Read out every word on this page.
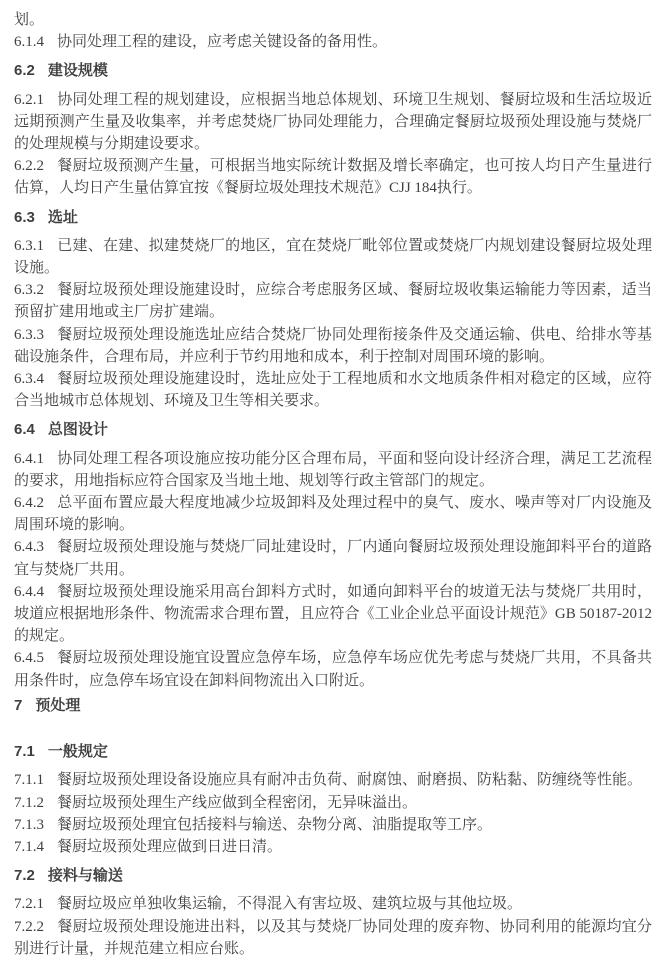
划。

6.1.4 协同处理工程的建设，应考虑关键设备的备用性。

6.2 建设规模

6.2.1 协同处理工程的规划建设，应根据当地总体规划、环境卫生规划、餐厨垃圾和生活垃圾近远期预测产生量及收集率，并考虑焚烧厂协同处理能力，合理确定餐厨垃圾预处理设施与焚烧厂的处理规模与分期建设要求。

6.2.2 餐厨垃圾预测产生量，可根据当地实际统计数据及增长率确定，也可按人均日产生量进行估算，人均日产生量估算宜按《餐厨垃圾处理技术规范》CJJ 184执行。

6.3 选址

6.3.1 已建、在建、拟建焚烧厂的地区，宜在焚烧厂毗邻位置或焚烧厂内规划建设餐厨垃圾处理设施。

6.3.2 餐厨垃圾预处理设施建设时，应综合考虑服务区域、餐厨垃圾收集运输能力等因素，适当预留扩建用地或主厂房扩建端。

6.3.3 餐厨垃圾预处理设施选址应结合焚烧厂协同处理衔接条件及交通运输、供电、给排水等基础设施条件，合理布局，并应利于节约用地和成本，利于控制对周围环境的影响。

6.3.4 餐厨垃圾预处理设施建设时，选址应处于工程地质和水文地质条件相对稳定的区域，应符合当地城市总体规划、环境及卫生等相关要求。

6.4 总图设计

6.4.1 协同处理工程各项设施应按功能分区合理布局，平面和竖向设计经济合理，满足工艺流程的要求，用地指标应符合国家及当地土地、规划等行政主管部门的规定。

6.4.2 总平面布置应最大程度地减少垃圾卸料及处理过程中的臭气、废水、噪声等对厂内设施及周围环境的影响。

6.4.3 餐厨垃圾预处理设施与焚烧厂同址建设时，厂内通向餐厨垃圾预处理设施卸料平台的道路宜与焚烧厂共用。

6.4.4 餐厨垃圾预处理设施采用高台卸料方式时，如通向卸料平台的坡道无法与焚烧厂共用时，坡道应根据地形条件、物流需求合理布置，且应符合《工业企业总平面设计规范》GB 50187-2012 的规定。

6.4.5 餐厨垃圾预处理设施宜设置应急停车场，应急停车场应优先考虑与焚烧厂共用，不具备共用条件时，应急停车场宜设在卸料间物流出入口附近。

7 预处理

7.1 一般规定

7.1.1 餐厨垃圾预处理设备设施应具有耐冲击负荷、耐腐蚀、耐磨损、防粘黏、防缠绕等性能。

7.1.2 餐厨垃圾预处理生产线应做到全程密闭，无异味溢出。

7.1.3 餐厨垃圾预处理宜包括接料与输送、杂物分离、油脂提取等工序。

7.1.4 餐厨垃圾预处理应做到日进日清。

7.2 接料与输送

7.2.1 餐厨垃圾应单独收集运输，不得混入有害垃圾、建筑垃圾与其他垃圾。

7.2.2 餐厨垃圾预处理设施进出料，以及其与焚烧厂协同处理的废弃物、协同利用的能源均宜分别进行计量，并规范建立相应台账。
